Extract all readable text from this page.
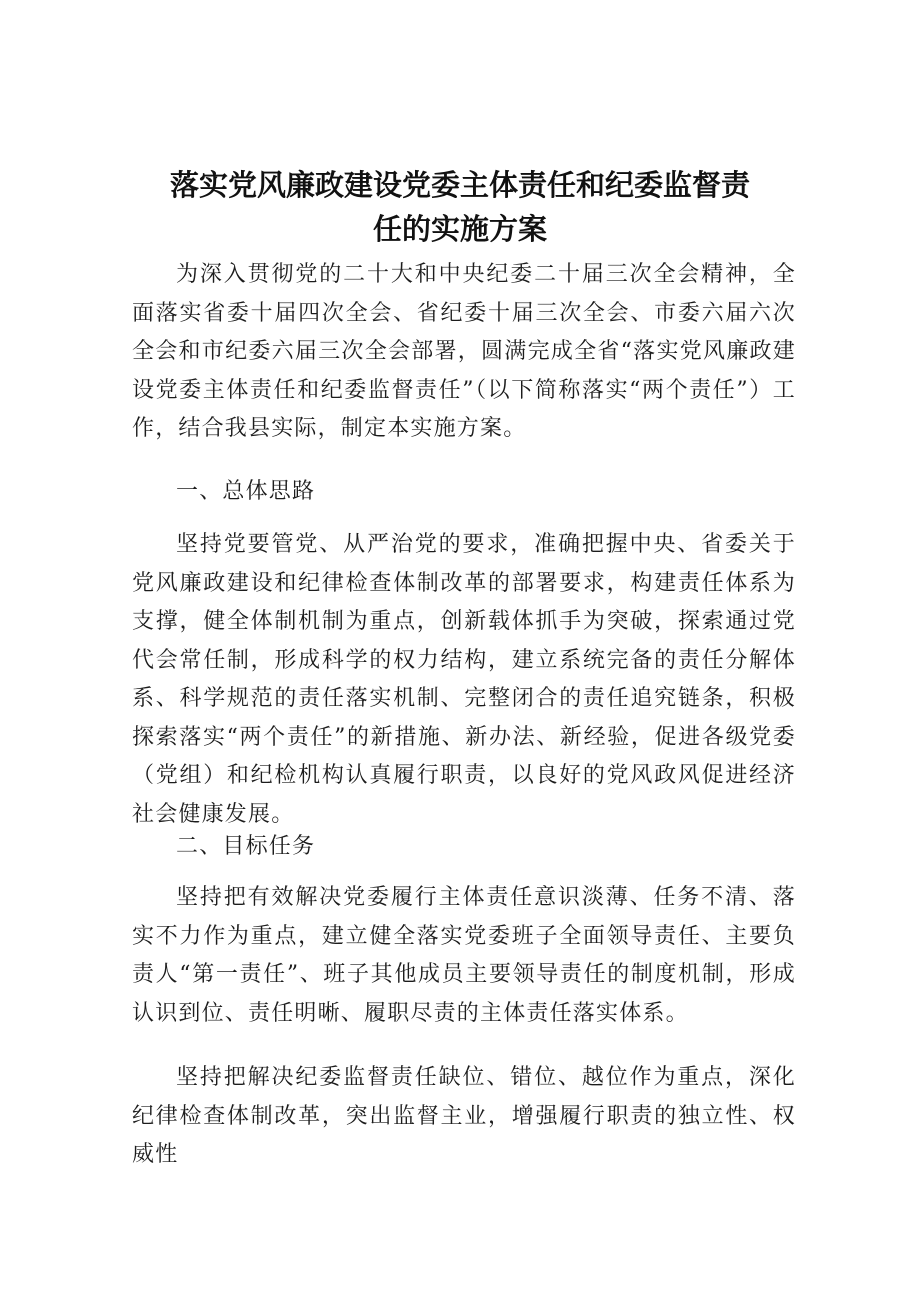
落实党风廉政建设党委主体责任和纪委监督责
任的实施方案

为深入贯彻党的二十大和中央纪委二十届三次全会精神，全面落实省委十届四次全会、省纪委十届三次全会、市委六届六次全会和市纪委六届三次全会部署，圆满完成全省“落实党风廉政建设党委主体责任和纪委监督责任”（以下简称落实“两个责任”）工作，结合我县实际，制定本实施方案。

一、总体思路

坚持党要管党、从严治党的要求，准确把握中央、省委关于党风廉政建设和纪律检查体制改革的部署要求，构建责任体系为支撑，健全体制机制为重点，创新载体抓手为突破，探索通过党代会常任制，形成科学的权力结构，建立系统完备的责任分解体系、科学规范的责任落实机制、完整闭合的责任追究链条，积极探索落实“两个责任”的新措施、新办法、新经验，促进各级党委（党组）和纪检机构认真履行职责，以良好的党风政风促进经济社会健康发展。

二、目标任务

坚持把有效解决党委履行主体责任意识淡薄、任务不清、落实不力作为重点，建立健全落实党委班子全面领导责任、主要负责人“第一责任”、班子其他成员主要领导责任的制度机制，形成认识到位、责任明晰、履职尽责的主体责任落实体系。

坚持把解决纪委监督责任缺位、错位、越位作为重点，深化纪律检查体制改革，突出监督主业，增强履行职责的独立性、权威性
